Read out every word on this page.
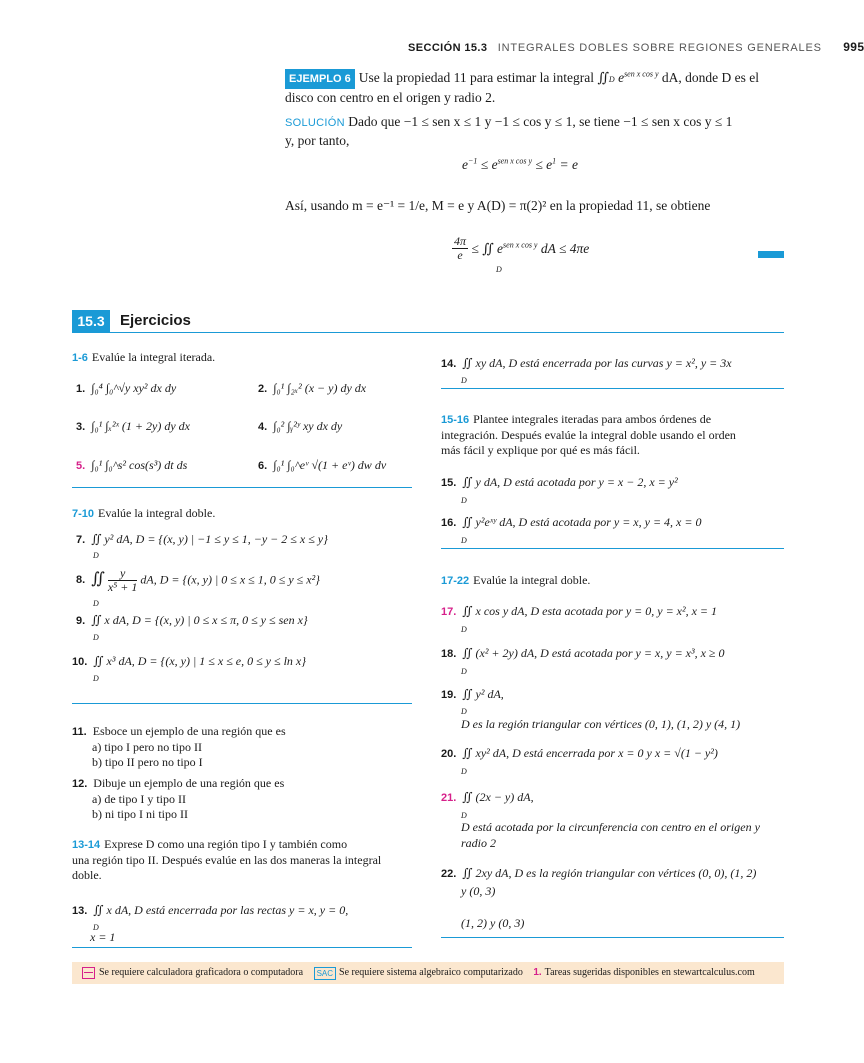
SECCIÓN 15.3 INTEGRALES DOBLES SOBRE REGIONES GENERALES 995
EJEMPLO 6 Use la propiedad 11 para estimar la integral ∬D $e^{sen x cos y}$ dA, donde D es el
disco con centro en el origen y radio 2.
SOLUCIÓN Dado que −1 ≤ sen x ≤ 1 y −1 ≤ cos y ≤ 1, se tiene −1 ≤ sen x cos y ≤ 1
y, por tanto,
$e^{-1} \le e^{sen x cos y} \le e^1 = e$
Así, usando m = e⁻¹ = 1/e, M = e y A(D) = π(2)² en la propiedad 11, se obtiene
$\frac{4\pi}{e}$ ≤ ∬ $e^{sen x cos y}$ dA ≤ 4πe
D
15.3	Ejercicios
1-6 Evalúe la integral iterada.
1. ∫₀⁴ ∫₀^√y xy² dx dy	2. ∫₀¹ ∫₂ₓ² (x − y) dy dx
3. ∫₀¹ ∫ₓ²ˣ (1 + 2y) dy dx	4. ∫₀² ∫ᵧ²ʸ xy dx dy
5. ∫₀¹ ∫₀^s² cos(s³) dt ds	6. ∫₀¹ ∫₀^eᵛ √(1 + eᵛ) dw dv
7-10 Evalúe la integral doble.
7. ∬ y² dA, D = {(x, y) | −1 ≤ y ≤ 1, −y − 2 ≤ x ≤ y}
D
8. ∬ $\frac{y}{\text{x⁵ + 1}}$ dA, D = {(x, y) | 0 ≤ x ≤ 1, 0 ≤ y ≤ x²}
D
9. ∬ x dA, D = {(x, y) | 0 ≤ x ≤ π, 0 ≤ y ≤ sen x}
D
10. ∬ x³ dA, D = {(x, y) | 1 ≤ x ≤ e, 0 ≤ y ≤ ln x}
D
11. Esboce un ejemplo de una región que es
a) tipo I pero no tipo II
b) tipo II pero no tipo I
12. Dibuje un ejemplo de una región que es
a) de tipo I y tipo II
b) ni tipo I ni tipo II
13-14 Exprese D como una región tipo I y también como
una región tipo II. Después evalúe en las dos maneras la integral
doble.
13. ∬ x dA, D está encerrada por las rectas y = x, y = 0,
D
x = 1
14. ∬ xy dA, D está encerrada por las curvas y = x², y = 3x
D
15-16 Plantee integrales iteradas para ambos órdenes de
integración. Después evalúe la integral doble usando el orden
más fácil y explique por qué es más fácil.
15. ∬ y dA, D está acotada por y = x − 2, x = y²
D
16. ∬ y²eˣʸ dA, D está acotada por y = x, y = 4, x = 0
D
17-22 Evalúe la integral doble.
17. ∬ x cos y dA, D esta acotada por y = 0, y = x², x = 1
D
18. ∬ (x² + 2y) dA, D está acotada por y = x, y = x³, x ≥ 0
D
19. ∬ y² dA,
D
D es la región triangular con vértices (0, 1), (1, 2) y (4, 1)
20. ∬ xy² dA, D está encerrada por x = 0 y x = √(1 − y²)
D
21. ∬ (2x − y) dA,
D
D está acotada por la circunferencia con centro en el origen y
radio 2
22. ∬ 2xy dA, D es la región triangular con vértices (0, 0), (1, 2)
y (0, 3)
(1, 2) y (0, 3)
Se requiere calculadora graficadora o computadora SAC Se requiere sistema algebraico computarizado 1. Tareas sugeridas disponibles en stewartcalculus.com
